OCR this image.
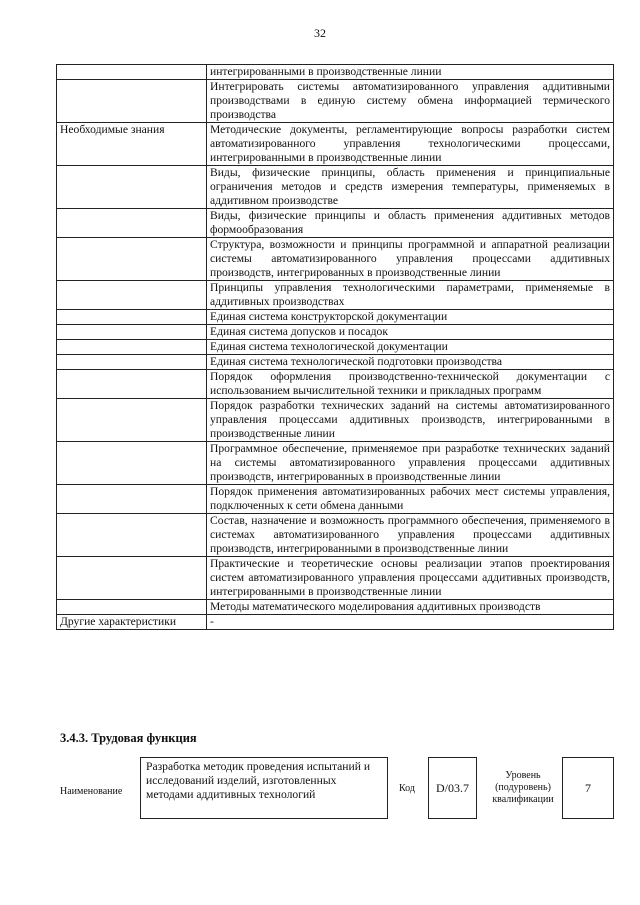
32
	интегрированными в производственные линии
	Интегрировать системы автоматизированного управления аддитивными производствами в единую систему обмена информацией термического производства
Необходимые знания	Методические документы, регламентирующие вопросы разработки систем автоматизированного управления технологическими процессами, интегрированными в производственные линии
	Виды, физические принципы, область применения и принципиальные ограничения методов и средств измерения температуры, применяемых в аддитивном производстве
	Виды, физические принципы и область применения аддитивных методов формообразования
	Структура, возможности и принципы программной и аппаратной реализации системы автоматизированного управления процессами аддитивных производств, интегрированных в производственные линии
	Принципы управления технологическими параметрами, применяемые в аддитивных производствах
	Единая система конструкторской документации
	Единая система допусков и посадок
	Единая система технологической документации
	Единая система технологической подготовки производства
	Порядок оформления производственно-технической документации с использованием вычислительной техники и прикладных программ
	Порядок разработки технических заданий на системы автоматизированного управления процессами аддитивных производств, интегрированными в производственные линии
	Программное обеспечение, применяемое при разработке технических заданий на системы автоматизированного управления процессами аддитивных производств, интегрированных в производственные линии
	Порядок применения автоматизированных рабочих мест системы управления, подключенных к сети обмена данными
	Состав, назначение и возможность программного обеспечения, применяемого в системах автоматизированного управления процессами аддитивных производств, интегрированными в производственные линии
	Практические и теоретические основы реализации этапов проектирования систем автоматизированного управления процессами аддитивных производств, интегрированными в производственные линии
	Методы математического моделирования аддитивных производств
Другие характеристики	-
3.4.3. Трудовая функция
Наименование
Разработка методик проведения испытаний и исследований изделий, изготовленных методами аддитивных технологий	Код	D/03.7
Уровень (подуровень) квалификации
7
